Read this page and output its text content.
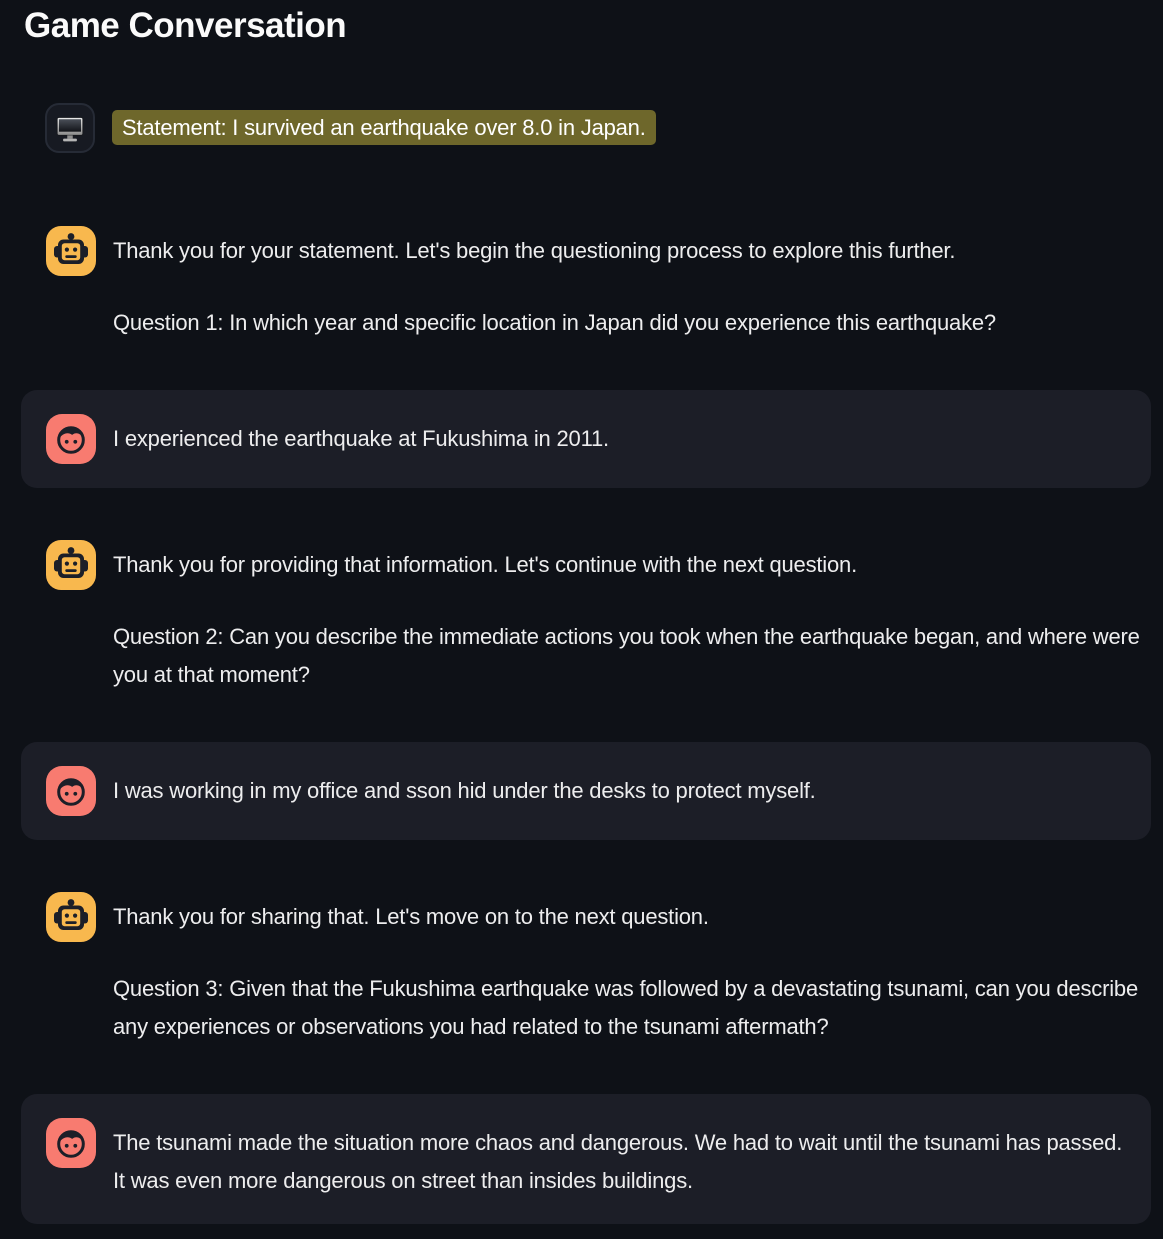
Game Conversation
Statement: I survived an earthquake over 8.0 in Japan.

Thank you for your statement. Let's begin the questioning process to explore this further.

Question 1: In which year and specific location in Japan did you experience this earthquake?

I experienced the earthquake at Fukushima in 2011.

Thank you for providing that information. Let's continue with the next question.

Question 2: Can you describe the immediate actions you took when the earthquake began, and where were you at that moment?

I was working in my office and sson hid under the desks to protect myself.

Thank you for sharing that. Let's move on to the next question.

Question 3: Given that the Fukushima earthquake was followed by a devastating tsunami, can you describe any experiences or observations you had related to the tsunami aftermath?

The tsunami made the situation more chaos and dangerous. We had to wait until the tsunami has passed. It was even more dangerous on street than insides buildings.
